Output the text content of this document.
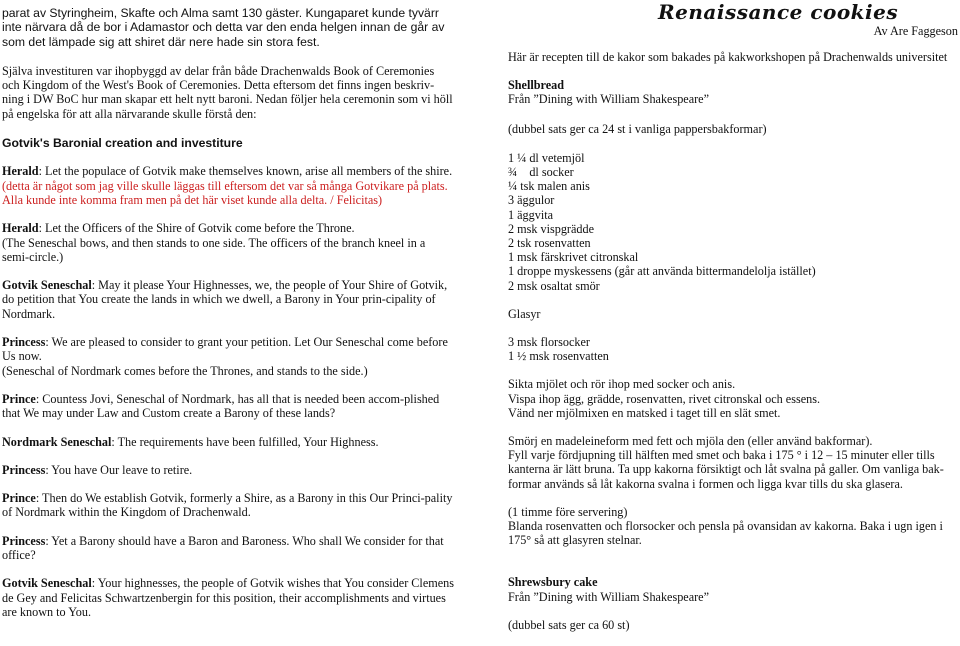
parat av Styringheim, Skafte och Alma samt 130 gäster. Kungaparet kunde tyvärr inte närvara då de bor i Adamastor och detta var den enda helgen innan de går av som det lämpade sig att shiret där nere hade sin stora fest.

Själva investituren var ihopbyggd av delar från både Drachenwalds Book of Ceremonies och Kingdom of the West's Book of Ceremonies. Detta eftersom det finns ingen beskriv-ning i DW BoC hur man skapar ett helt nytt baroni. Nedan följer hela ceremonin som vi höll på engelska för att alla närvarande skulle förstå den:

Gotvik's Baronial creation and investiture

Herald: Let the populace of Gotvik make themselves known, arise all members of the shire.

(detta är något som jag ville skulle läggas till eftersom det var så många Gotvikare på plats. Alla kunde inte komma fram men på det här viset kunde alla delta. / Felicitas)

Herald: Let the Officers of the Shire of Gotvik come before the Throne.

(The Seneschal bows, and then stands to one side. The officers of the branch kneel in a semi-circle.)

Gotvik Seneschal: May it please Your Highnesses, we, the people of Your Shire of Gotvik, do petition that You create the lands in which we dwell, a Barony in Your prin-cipality of Nordmark.

Princess: We are pleased to consider to grant your petition. Let Our Seneschal come before Us now.

(Seneschal of Nordmark comes before the Thrones, and stands to the side.)

Prince: Countess Jovi, Seneschal of Nordmark, has all that is needed been accom-plished that We may under Law and Custom create a Barony of these lands?

Nordmark Seneschal: The requirements have been fulfilled, Your Highness.

Princess: You have Our leave to retire.

Prince: Then do We establish Gotvik, formerly a Shire, as a Barony in this Our Princi-pality of Nordmark within the Kingdom of Drachenwald.

Princess: Yet a Barony should have a Baron and Baroness. Who shall We consider for that
office?

Gotvik Seneschal: Your highnesses, the people of Gotvik wishes that You consider Clemens de Gey and Felicitas Schwartzenbergin for this position, their accomplishments and virtues are known to You.

Renaissance cookies
Av Are Faggeson

Här är recepten till de kakor som bakades på kakworkshopen på Drachenwalds universitet

Shellbread

Från ”Dining with William Shakespeare”

(dubbel sats ger ca 24 st i vanliga pappersbakformar)

1 ¼ dl vetemjöl
¾    dl socker
¼ tsk malen anis
3 äggulor
1 äggvita
2 msk vispgrädde
2 tsk rosenvatten
1 msk färskrivet citronskal
1 droppe myskessens (går att använda bittermandelolja istället)
2 msk osaltat smör

Glasyr

3 msk florsocker
1 ½ msk rosenvatten
Sikta mjölet och rör ihop med socker och anis.
Vispa ihop ägg, grädde, rosenvatten, rivet citronskal och essens.
Vänd ner mjölmixen en matsked i taget till en slät smet.

Smörj en madeleineform med fett och mjöla den (eller använd bakformar).

Fyll varje fördjupning till hälften med smet och baka i 175 ° i 12 – 15 minuter eller tills kanterna är lätt bruna. Ta upp kakorna försiktigt och låt svalna på galler. Om vanliga bak-formar används så låt kakorna svalna i formen och ligga kvar tills du ska glasera.

(1 timme före servering)

Blanda rosenvatten och florsocker och pensla på ovansidan av kakorna. Baka i ugn igen i 175° så att glasyren stelnar.

Shrewsbury cake

Från ”Dining with William Shakespeare”

(dubbel sats ger ca 60 st)
